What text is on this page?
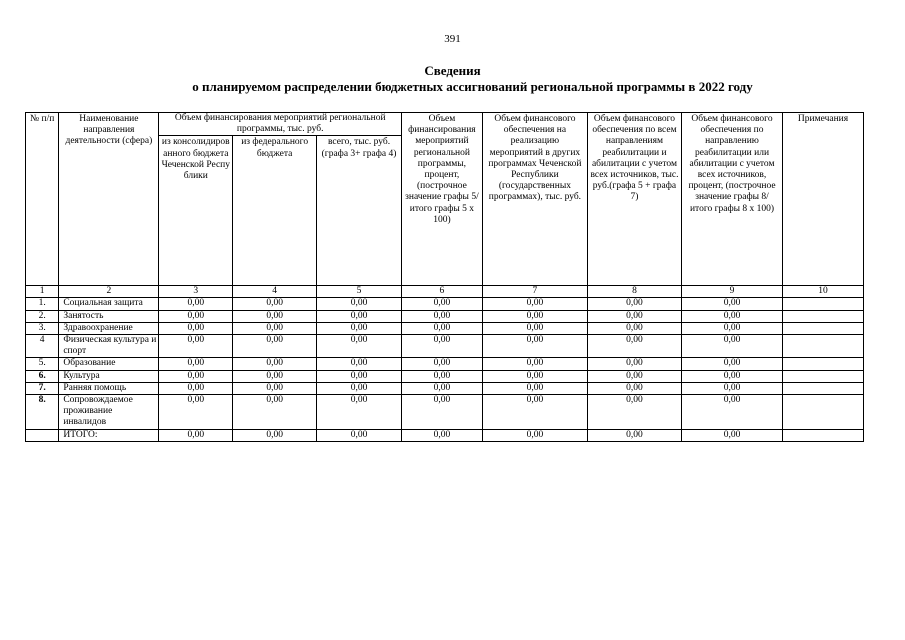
391
Сведения
о планируемом распределении бюджетных ассигнований региональной программы в 2022 году
№ п/п	Наименование направления деятельности (сфера)	Объем финансирования мероприятий региональной программы, тыс. руб.			Объем финансирования мероприятий региональной программы, процент, (построчное значение графы 5/ итого графы 5 х 100)	Объем финансового обеспечения на реализацию мероприятий в других программах Чеченской Республики (государственных программах), тыс. руб.	Объем финансового обеспечения по всем направлениям реабилитации и абилитации с учетом всех источников, тыс. руб.(графа 5 + графа 7)	Объем финансового обеспечения по направлению реабилитации или абилитации с учетом всех источников, процент, (построчное значение графы 8/ итого графы 8 х 100)	Примечания
		из консолидированного бюджета Чеченской Республики	из федерального бюджета	всего, тыс. руб. (графа 3+ графа 4)					
1	2	3	4	5	6	7	8	9	10
1.	Социальная защита	0,00	0,00	0,00	0,00	0,00	0,00	0,00	
2.	Занятость	0,00	0,00	0,00	0,00	0,00	0,00	0,00	
3.	Здравоохранение	0,00	0,00	0,00	0,00	0,00	0,00	0,00	
4	Физическая культура и спорт	0,00	0,00	0,00	0,00	0,00	0,00	0,00	
5.	Образование	0,00	0,00	0,00	0,00	0,00	0,00	0,00	
6.	Культура	0,00	0,00	0,00	0,00	0,00	0,00	0,00	
7.	Ранняя помощь	0,00	0,00	0,00	0,00	0,00	0,00	0,00	
8.	Сопровождаемое проживание инвалидов	0,00	0,00	0,00	0,00	0,00	0,00	0,00	
	ИТОГО:	0,00	0,00	0,00	0,00	0,00	0,00	0,00	
